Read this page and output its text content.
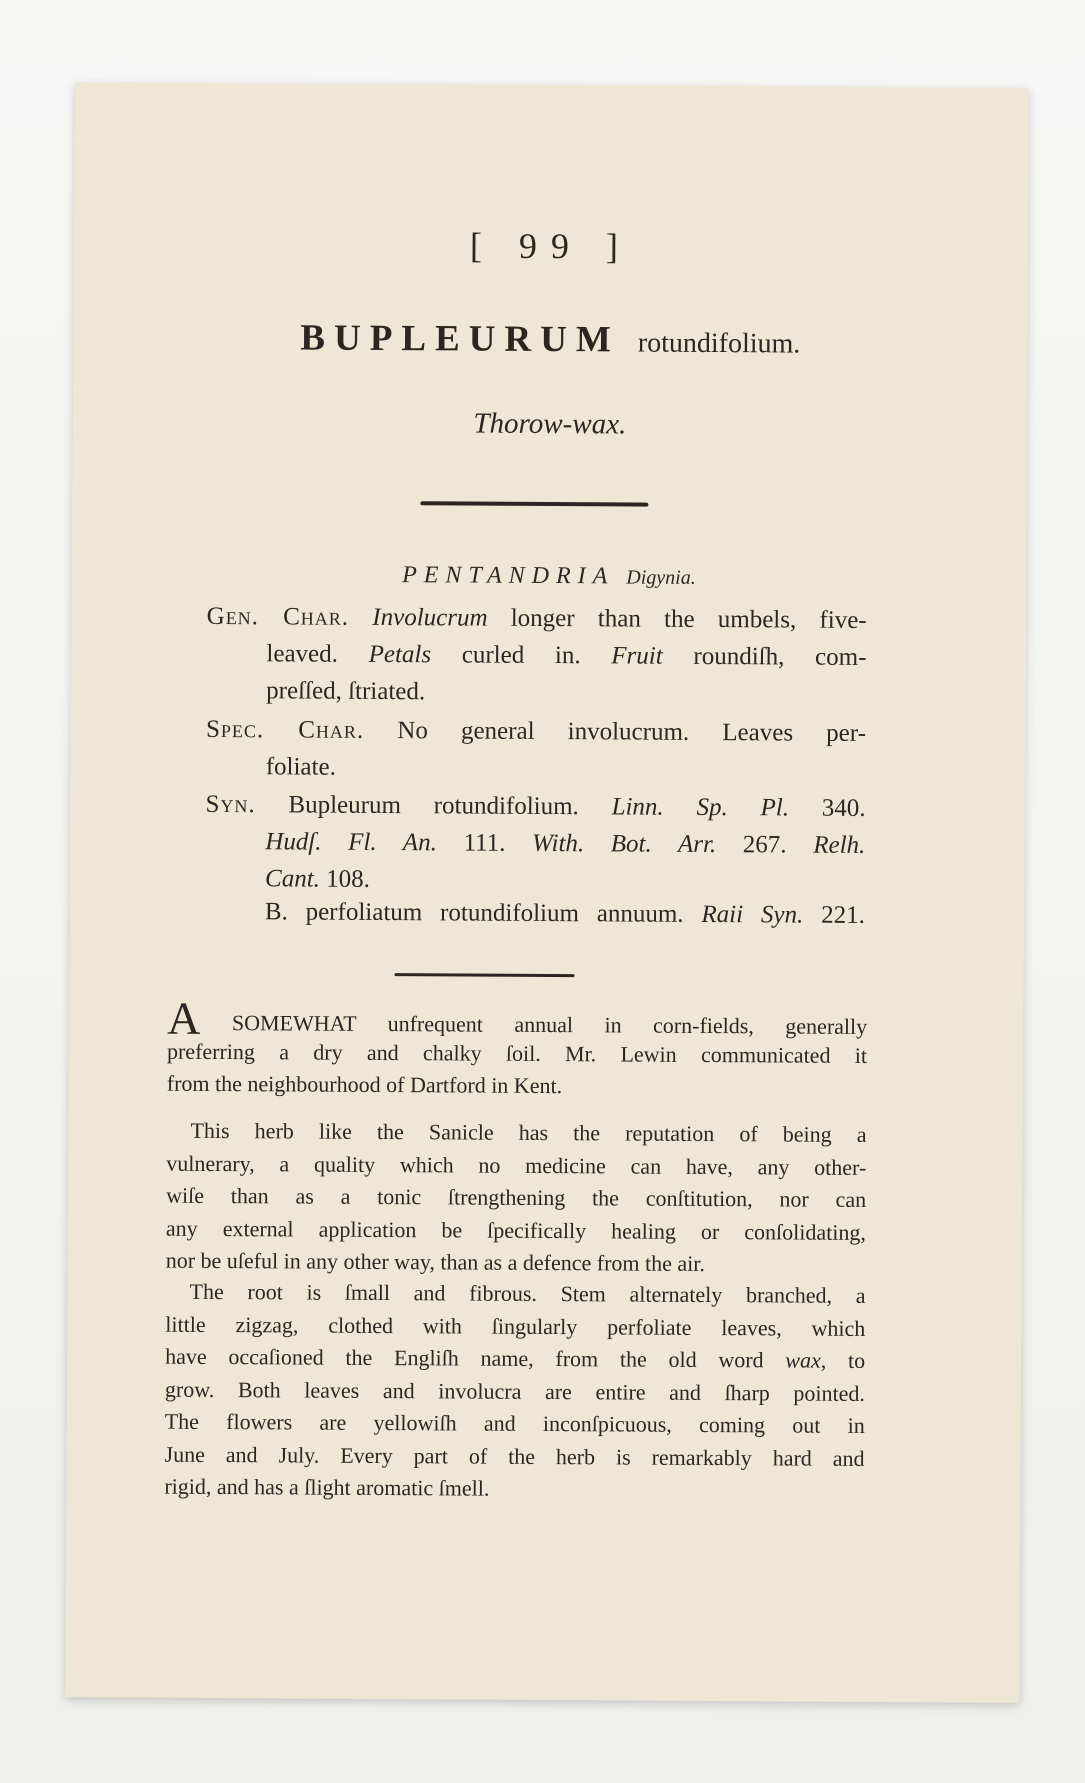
[ 99 ]
BUPLEURUM rotundifolium.
Thorow-wax.
PENTANDRIA Digynia.
Gen. Char. Involucrum longer than the umbels, five-
leaved. Petals curled in. Fruit roundiſh, com-
preſſed, ſtriated.
Spec. Char. No general involucrum. Leaves per-
foliate.
Syn. Bupleurum rotundifolium. Linn. Sp. Pl. 340.
Hudſ. Fl. An. 111. With. Bot. Arr. 267. Relh.
Cant. 108.
B. perfoliatum rotundifolium annuum. Raii Syn. 221.
A SOMEWHAT unfrequent annual in corn-fields, generally
preferring a dry and chalky ſoil. Mr. Lewin communicated it
from the neighbourhood of Dartford in Kent.
This herb like the Sanicle has the reputation of being a
vulnerary, a quality which no medicine can have, any other-
wiſe than as a tonic ſtrengthening the conſtitution, nor can
any external application be ſpecifically healing or conſolidating,
nor be uſeful in any other way, than as a defence from the air.
The root is ſmall and fibrous. Stem alternately branched, a
little zigzag, clothed with ſingularly perfoliate leaves, which
have occaſioned the Engliſh name, from the old word wax, to
grow. Both leaves and involucra are entire and ſharp pointed.
The flowers are yellowiſh and inconſpicuous, coming out in
June and July. Every part of the herb is remarkably hard and
rigid, and has a ſlight aromatic ſmell.
